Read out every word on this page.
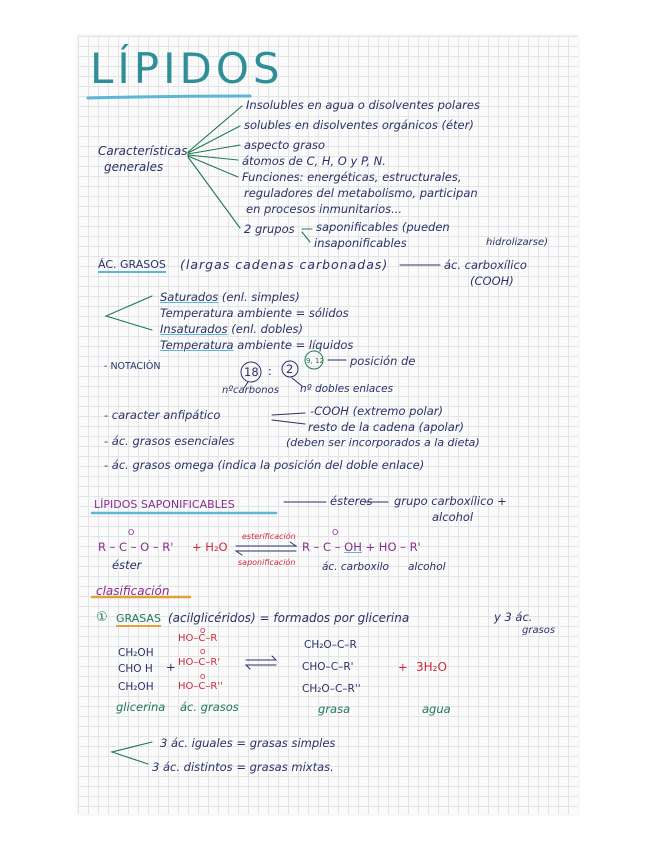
LÍPIDOS
Características
generales
Insolubles en agua o disolventes polares
solubles en disolventes orgánicos (éter)
aspecto graso
átomos de C, H, O y P, N.
Funciones: energéticas, estructurales,
reguladores del metabolismo, participan
en procesos inmunitarios...
2 grupos saponificables (pueden
insaponificables	hidrolizarse)
ÁC. GRASOS (largas cadenas carbonadas)	ác. carboxílico
(COOH)
Saturados (enl. simples)
Temperatura ambiente = sólidos
Insaturados (enl. dobles)
Temperatura ambiente = líquidos
- NOTACIÓN	18 : 2
9, 12 posición de
nºcarbonos nº dobles enlaces
- caracter anfipático	-COOH (extremo polar)
resto de la cadena (apolar)
- ác. grasos esenciales	(deben ser incorporados a la dieta)
- ác. grasos omega (indica la posición del doble enlace)
LÍPIDOS SAPONIFICABLES	ésteres grupo carboxílico +
alcohol
O	O
R – C – O – R' + H₂O
esterificación
saponificación
R – C – OH + HO – R'
éster	ác. carboxilo alcohol
clasificación
① GRASAS (acilglicéridos) = formados por glicerina	y 3 ác.
grasos
O
HO–C–R
CH₂OH	O
CHO H + HO–C–R'
O
CH₂OH HO–C–R''
CH₂O–C–R
CHO–C–R'
CH₂O–C–R''
+ 3H₂O
glicerina ác. grasos	grasa	agua
3 ác. iguales = grasas simples
3 ác. distintos = grasas mixtas.
